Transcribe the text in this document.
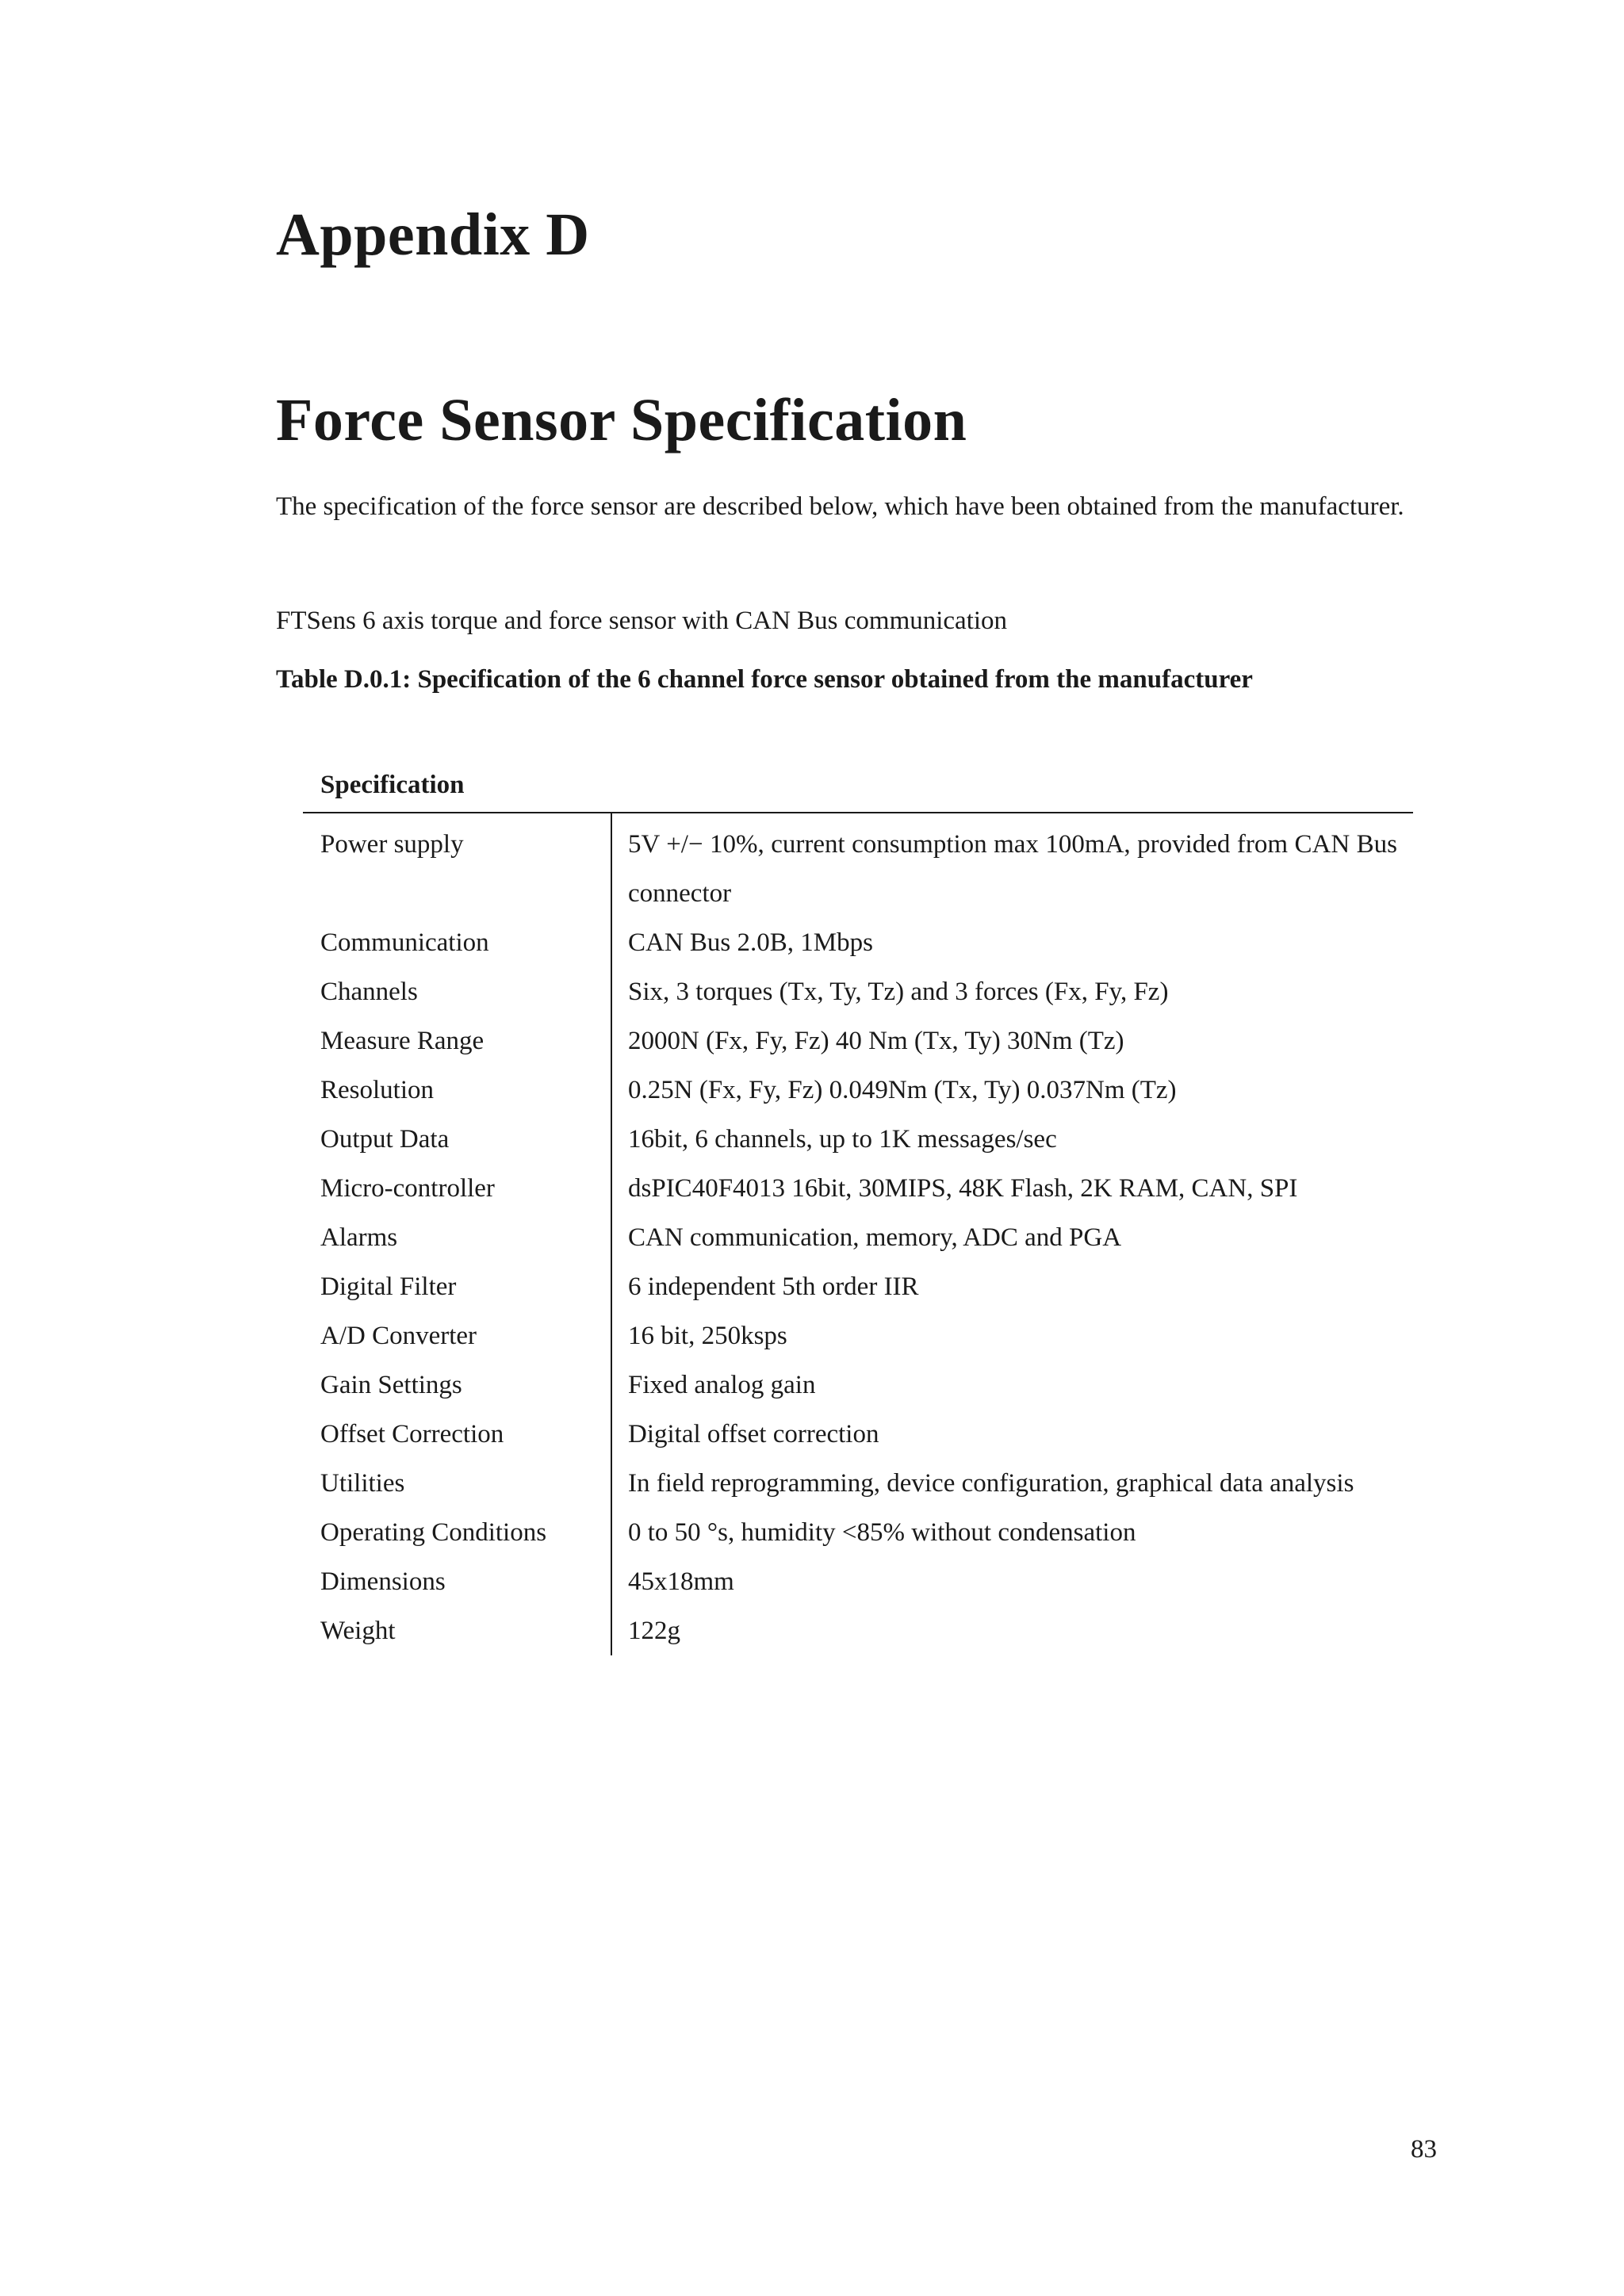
Appendix D
Force Sensor Specification

The specification of the force sensor are described below, which have been obtained from the manufacturer.

FTSens 6 axis torque and force sensor with CAN Bus communication

Table D.0.1: Specification of the 6 channel force sensor obtained from the manufacturer

Specification	
Power supply	5V +/− 10%, current consumption max 100mA, provided from CAN Bus connector
Communication	CAN Bus 2.0B, 1Mbps
Channels	Six, 3 torques (Tx, Ty, Tz) and 3 forces (Fx, Fy, Fz)
Measure Range	2000N (Fx, Fy, Fz) 40 Nm (Tx, Ty) 30Nm (Tz)
Resolution	0.25N (Fx, Fy, Fz) 0.049Nm (Tx, Ty) 0.037Nm (Tz)
Output Data	16bit, 6 channels, up to 1K messages/sec
Micro-controller	dsPIC40F4013 16bit, 30MIPS, 48K Flash, 2K RAM, CAN, SPI
Alarms	CAN communication, memory, ADC and PGA
Digital Filter	6 independent 5th order IIR
A/D Converter	16 bit, 250ksps
Gain Settings	Fixed analog gain
Offset Correction	Digital offset correction
Utilities	In field reprogramming, device configuration, graphical data analysis
Operating Conditions	0 to 50 °s, humidity <85% without condensation
Dimensions	45x18mm
Weight	122g

83
